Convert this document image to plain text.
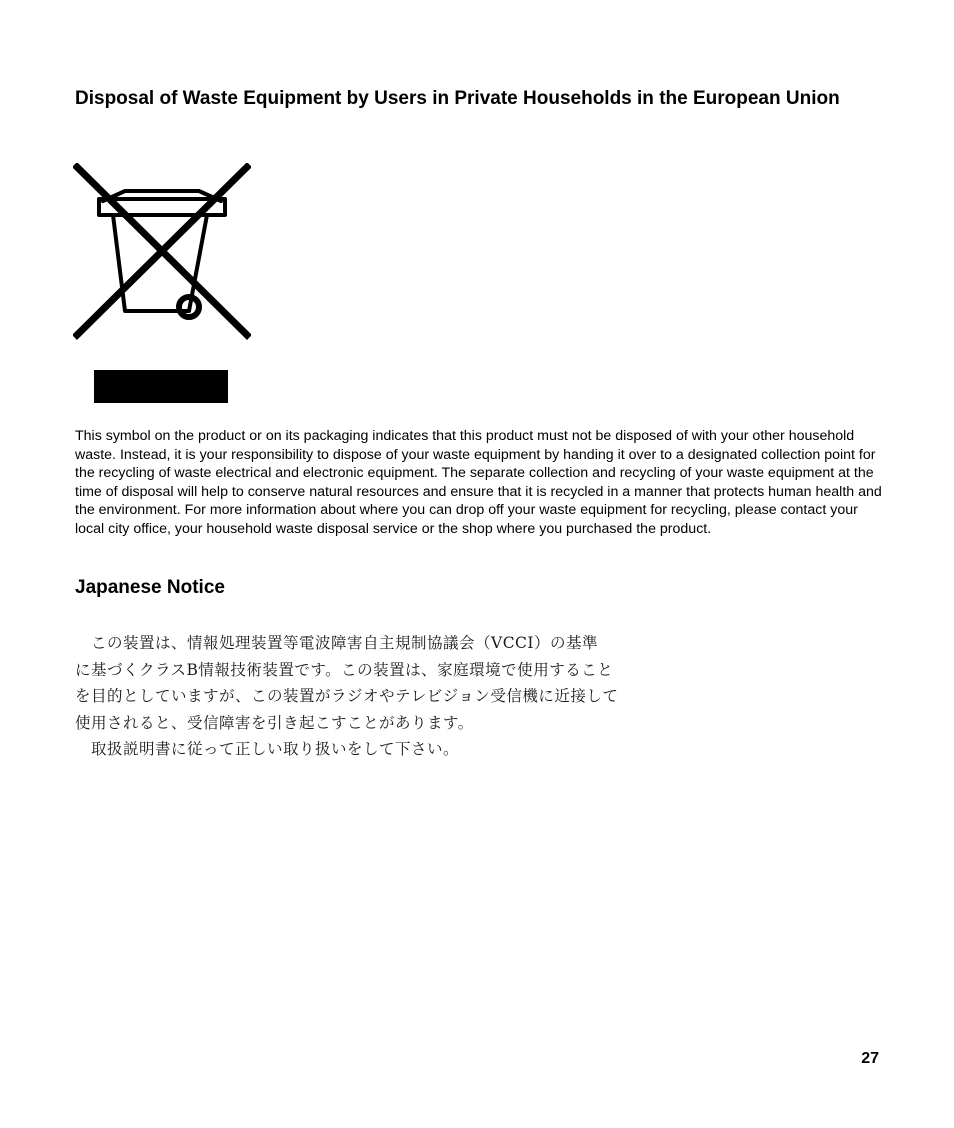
Disposal of Waste Equipment by Users in Private Households in the European Union

This symbol on the product or on its packaging indicates that this product must not be disposed of with your other household waste. Instead, it is your responsibility to dispose of your waste equipment by handing it over to a designated collection point for the recycling of waste electrical and electronic equipment. The separate collection and recycling of your waste equipment at the time of disposal will help to conserve natural resources and ensure that it is recycled in a manner that protects human health and the environment. For more information about where you can drop off your waste equipment for recycling, please contact your local city office, your household waste disposal service or the shop where you purchased the product.

Japanese Notice
この装置は、情報処理装置等電波障害自主規制協議会（VCCI）の基準
に基づくクラスB情報技術装置です。この装置は、家庭環境で使用すること
を目的としていますが、この装置がラジオやテレビジョン受信機に近接して
使用されると、受信障害を引き起こすことがあります。
取扱説明書に従って正しい取り扱いをして下さい。
27
